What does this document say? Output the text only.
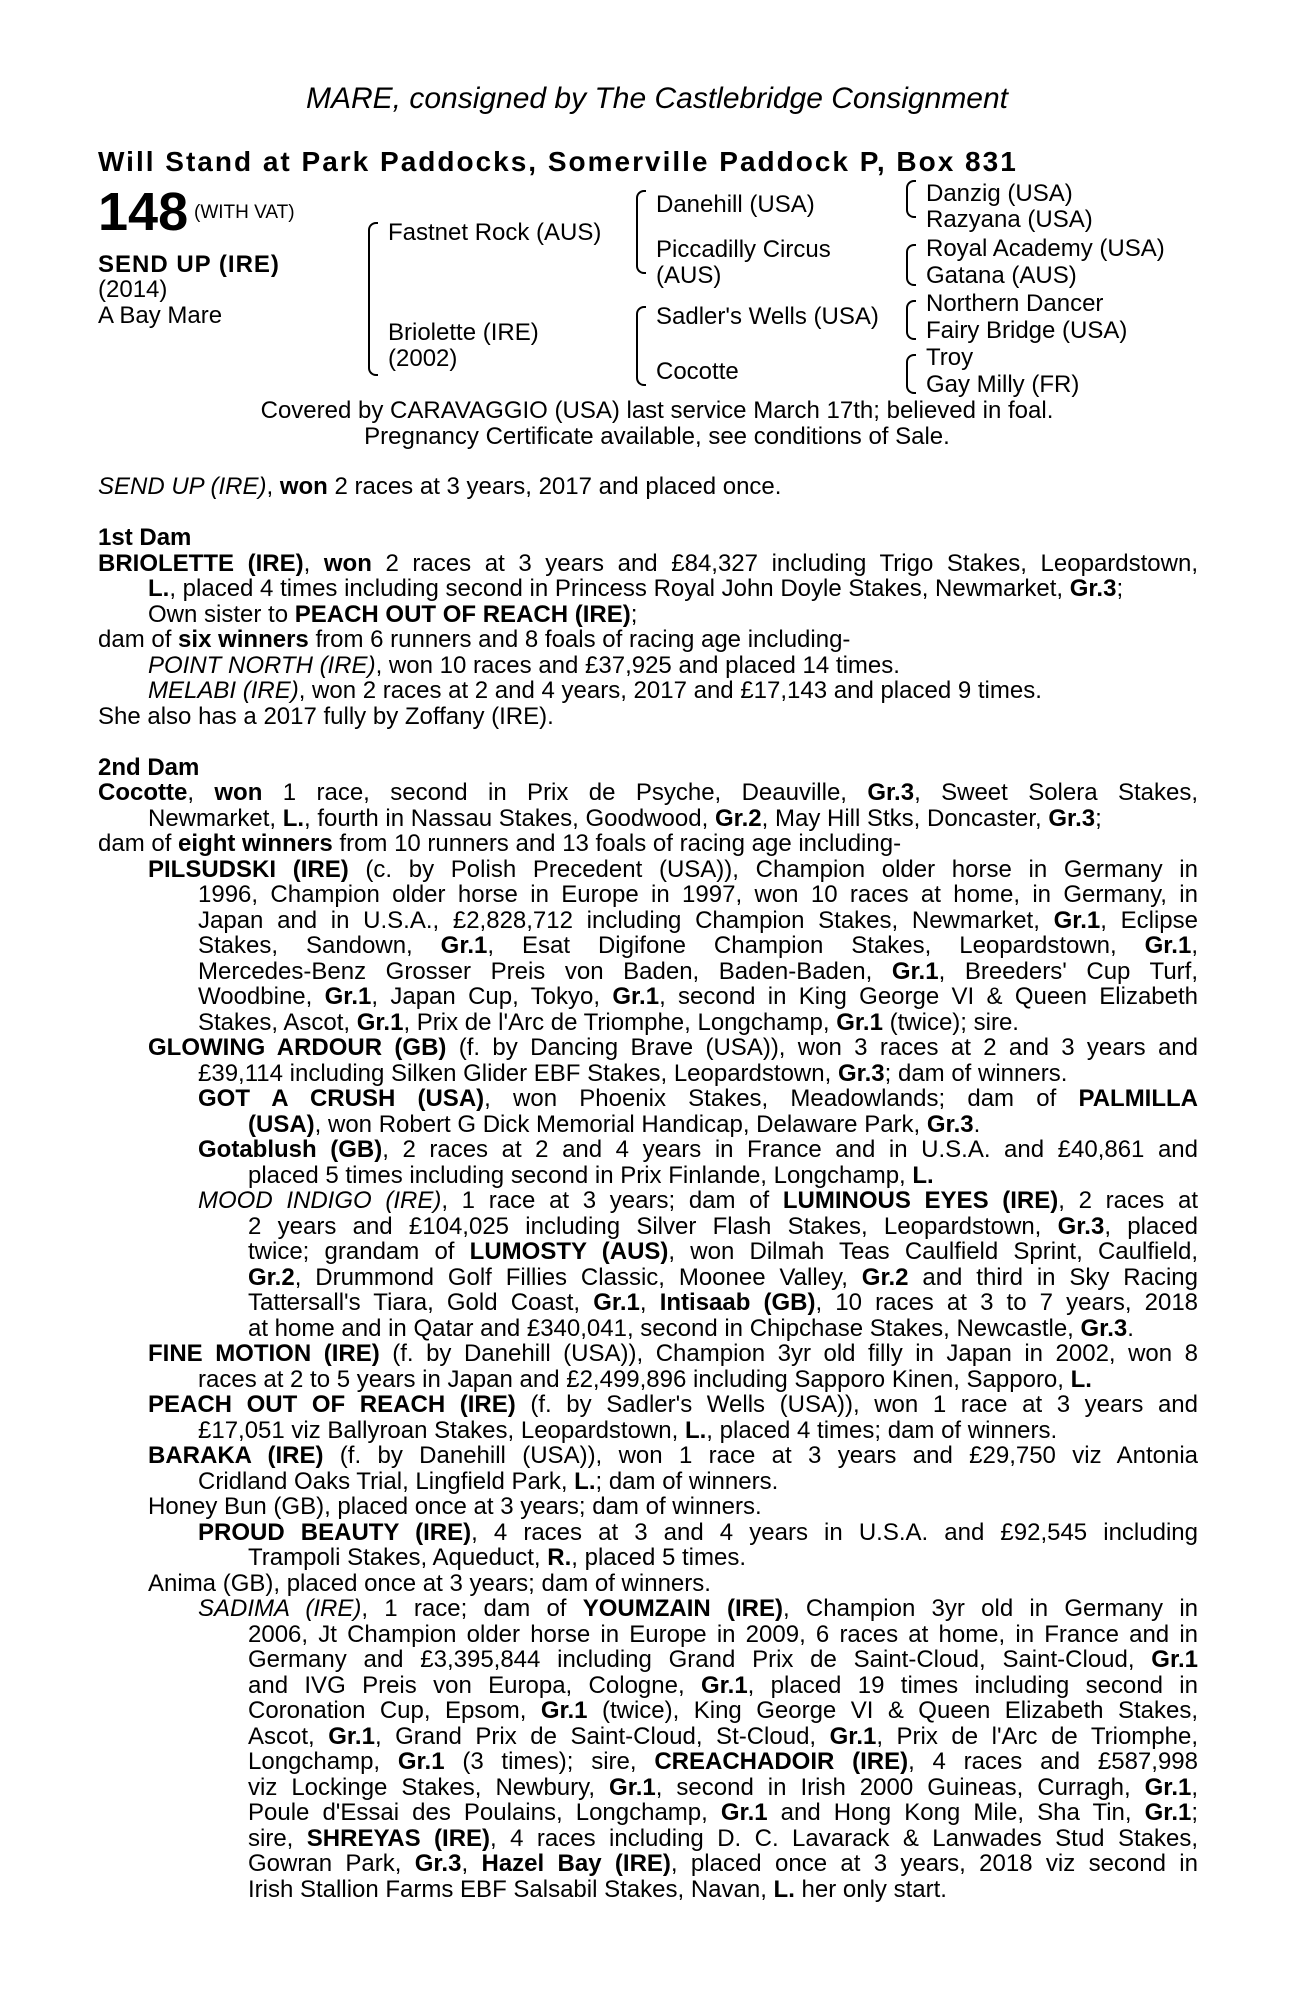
MARE, consigned by The Castlebridge Consignment
Will Stand at Park Paddocks, Somerville Paddock P, Box 831
148 (WITH VAT)
SEND UP (IRE)
(2014)
A Bay Mare
Fastnet Rock (AUS)
Briolette (IRE)
(2002)
Danehill (USA)
Piccadilly Circus
(AUS)
Sadler's Wells (USA)
Cocotte
Danzig (USA)
Razyana (USA)
Royal Academy (USA)
Gatana (AUS)
Northern Dancer
Fairy Bridge (USA)
Troy
Gay Milly (FR)
Covered by CARAVAGGIO (USA) last service March 17th; believed in foal.
Pregnancy Certificate available, see conditions of Sale.
SEND UP (IRE), won 2 races at 3 years, 2017 and placed once.
1st Dam
BRIOLETTE (IRE), won 2 races at 3 years and £84,327 including Trigo Stakes, Leopardstown,
L., placed 4 times including second in Princess Royal John Doyle Stakes, Newmarket, Gr.3;
Own sister to PEACH OUT OF REACH (IRE);
dam of six winners from 6 runners and 8 foals of racing age including-
POINT NORTH (IRE), won 10 races and £37,925 and placed 14 times.
MELABI (IRE), won 2 races at 2 and 4 years, 2017 and £17,143 and placed 9 times.
She also has a 2017 fully by Zoffany (IRE).
2nd Dam
Cocotte, won 1 race, second in Prix de Psyche, Deauville, Gr.3, Sweet Solera Stakes,
Newmarket, L., fourth in Nassau Stakes, Goodwood, Gr.2, May Hill Stks, Doncaster, Gr.3;
dam of eight winners from 10 runners and 13 foals of racing age including-
PILSUDSKI (IRE) (c. by Polish Precedent (USA)), Champion older horse in Germany in
1996, Champion older horse in Europe in 1997, won 10 races at home, in Germany, in
Japan and in U.S.A., £2,828,712 including Champion Stakes, Newmarket, Gr.1, Eclipse
Stakes, Sandown, Gr.1, Esat Digifone Champion Stakes, Leopardstown, Gr.1,
Mercedes-Benz Grosser Preis von Baden, Baden-Baden, Gr.1, Breeders' Cup Turf,
Woodbine, Gr.1, Japan Cup, Tokyo, Gr.1, second in King George VI & Queen Elizabeth
Stakes, Ascot, Gr.1, Prix de l'Arc de Triomphe, Longchamp, Gr.1 (twice); sire.
GLOWING ARDOUR (GB) (f. by Dancing Brave (USA)), won 3 races at 2 and 3 years and
£39,114 including Silken Glider EBF Stakes, Leopardstown, Gr.3; dam of winners.
GOT A CRUSH (USA), won Phoenix Stakes, Meadowlands; dam of PALMILLA
(USA), won Robert G Dick Memorial Handicap, Delaware Park, Gr.3.
Gotablush (GB), 2 races at 2 and 4 years in France and in U.S.A. and £40,861 and
placed 5 times including second in Prix Finlande, Longchamp, L.
MOOD INDIGO (IRE), 1 race at 3 years; dam of LUMINOUS EYES (IRE), 2 races at
2 years and £104,025 including Silver Flash Stakes, Leopardstown, Gr.3, placed
twice; grandam of LUMOSTY (AUS), won Dilmah Teas Caulfield Sprint, Caulfield,
Gr.2, Drummond Golf Fillies Classic, Moonee Valley, Gr.2 and third in Sky Racing
Tattersall's Tiara, Gold Coast, Gr.1, Intisaab (GB), 10 races at 3 to 7 years, 2018
at home and in Qatar and £340,041, second in Chipchase Stakes, Newcastle, Gr.3.
FINE MOTION (IRE) (f. by Danehill (USA)), Champion 3yr old filly in Japan in 2002, won 8
races at 2 to 5 years in Japan and £2,499,896 including Sapporo Kinen, Sapporo, L.
PEACH OUT OF REACH (IRE) (f. by Sadler's Wells (USA)), won 1 race at 3 years and
£17,051 viz Ballyroan Stakes, Leopardstown, L., placed 4 times; dam of winners.
BARAKA (IRE) (f. by Danehill (USA)), won 1 race at 3 years and £29,750 viz Antonia
Cridland Oaks Trial, Lingfield Park, L.; dam of winners.
Honey Bun (GB), placed once at 3 years; dam of winners.
PROUD BEAUTY (IRE), 4 races at 3 and 4 years in U.S.A. and £92,545 including
Trampoli Stakes, Aqueduct, R., placed 5 times.
Anima (GB), placed once at 3 years; dam of winners.
SADIMA (IRE), 1 race; dam of YOUMZAIN (IRE), Champion 3yr old in Germany in
2006, Jt Champion older horse in Europe in 2009, 6 races at home, in France and in
Germany and £3,395,844 including Grand Prix de Saint-Cloud, Saint-Cloud, Gr.1
and IVG Preis von Europa, Cologne, Gr.1, placed 19 times including second in
Coronation Cup, Epsom, Gr.1 (twice), King George VI & Queen Elizabeth Stakes,
Ascot, Gr.1, Grand Prix de Saint-Cloud, St-Cloud, Gr.1, Prix de l'Arc de Triomphe,
Longchamp, Gr.1 (3 times); sire, CREACHADOIR (IRE), 4 races and £587,998
viz Lockinge Stakes, Newbury, Gr.1, second in Irish 2000 Guineas, Curragh, Gr.1,
Poule d'Essai des Poulains, Longchamp, Gr.1 and Hong Kong Mile, Sha Tin, Gr.1;
sire, SHREYAS (IRE), 4 races including D. C. Lavarack & Lanwades Stud Stakes,
Gowran Park, Gr.3, Hazel Bay (IRE), placed once at 3 years, 2018 viz second in
Irish Stallion Farms EBF Salsabil Stakes, Navan, L. her only start.
